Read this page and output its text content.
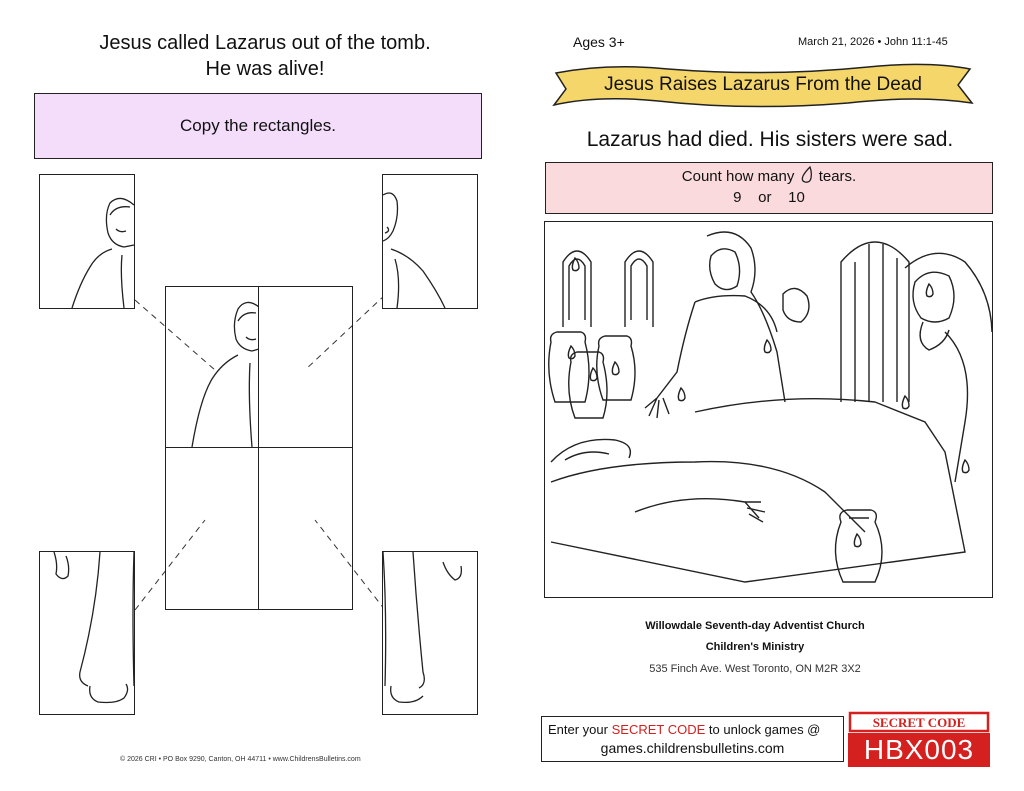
Jesus called Lazarus out of the tomb.
He was alive!
Copy the rectangles.
© 2026 CRI • PO Box 9290, Canton, OH 44711 • www.ChildrensBulletins.com
Ages 3+	March 21, 2026 • John 11:1-45
Jesus Raises Lazarus From the Dead
Lazarus had died. His sisters were sad.
Count how many tears.
9 or 10
Willowdale Seventh-day Adventist Church
Children's Ministry
535 Finch Ave. West Toronto, ON M2R 3X2
Enter your SECRET CODE to unlock games @
games.childrensbulletins.com
SECRET CODE
HBX003
